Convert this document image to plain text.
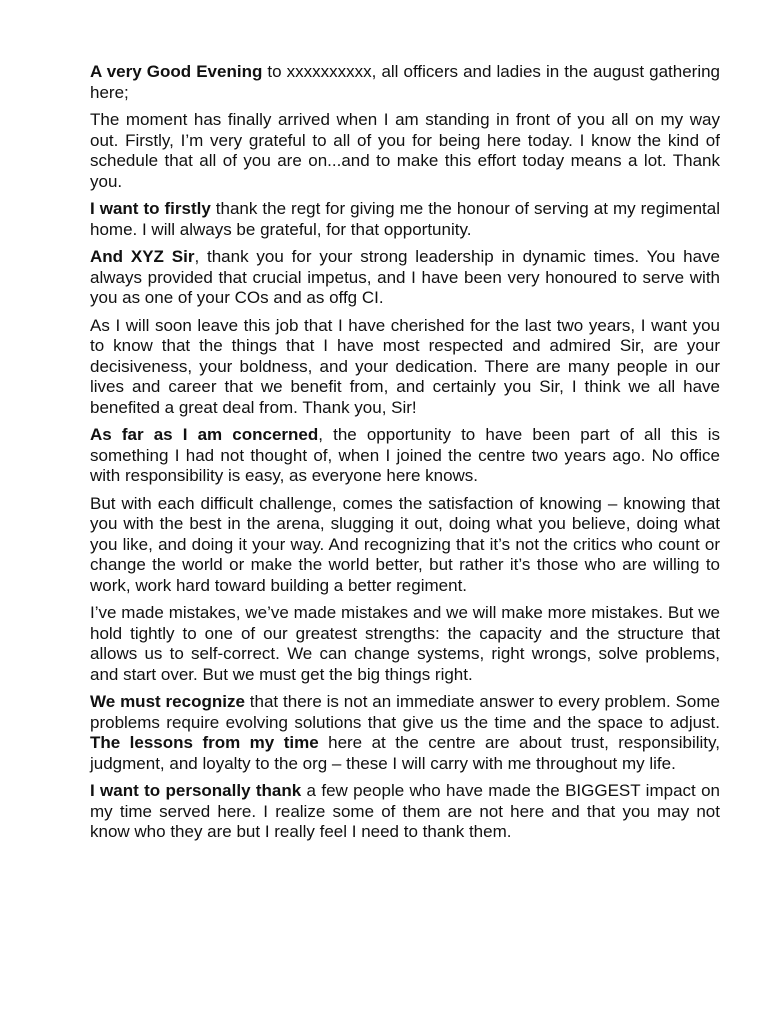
A very Good Evening to xxxxxxxxxx, all officers and ladies in the august gathering here;

The moment has finally arrived when I am standing in front of you all on my way out. Firstly, I’m very grateful to all of you for being here today. I know the kind of schedule that all of you are on...and to make this effort today means a lot. Thank you.

I want to firstly thank the regt for giving me the honour of serving at my regimental home. I will always be grateful, for that opportunity.

And XYZ Sir, thank you for your strong leadership in dynamic times. You have always provided that crucial impetus, and I have been very honoured to serve with you as one of your COs and as offg CI.

As I will soon leave this job that I have cherished for the last two years, I want you to know that the things that I have most respected and admired Sir, are your decisiveness, your boldness, and your dedication. There are many people in our lives and career that we benefit from, and certainly you Sir, I think we all have benefited a great deal from. Thank you, Sir!

As far as I am concerned, the opportunity to have been part of all this is something I had not thought of, when I joined the centre two years ago. No office with responsibility is easy, as everyone here knows.

But with each difficult challenge, comes the satisfaction of knowing – knowing that you with the best in the arena, slugging it out, doing what you believe, doing what you like, and doing it your way. And recognizing that it’s not the critics who count or change the world or make the world better, but rather it’s those who are willing to work, work hard toward building a better regiment.

I’ve made mistakes, we’ve made mistakes and we will make more mistakes. But we hold tightly to one of our greatest strengths: the capacity and the structure that allows us to self-correct. We can change systems, right wrongs, solve problems, and start over. But we must get the big things right.

We must recognize that there is not an immediate answer to every problem. Some problems require evolving solutions that give us the time and the space to adjust. The lessons from my time here at the centre are about trust, responsibility, judgment, and loyalty to the org – these I will carry with me throughout my life.

I want to personally thank a few people who have made the BIGGEST impact on my time served here. I realize some of them are not here and that you may not know who they are but I really feel I need to thank them.
